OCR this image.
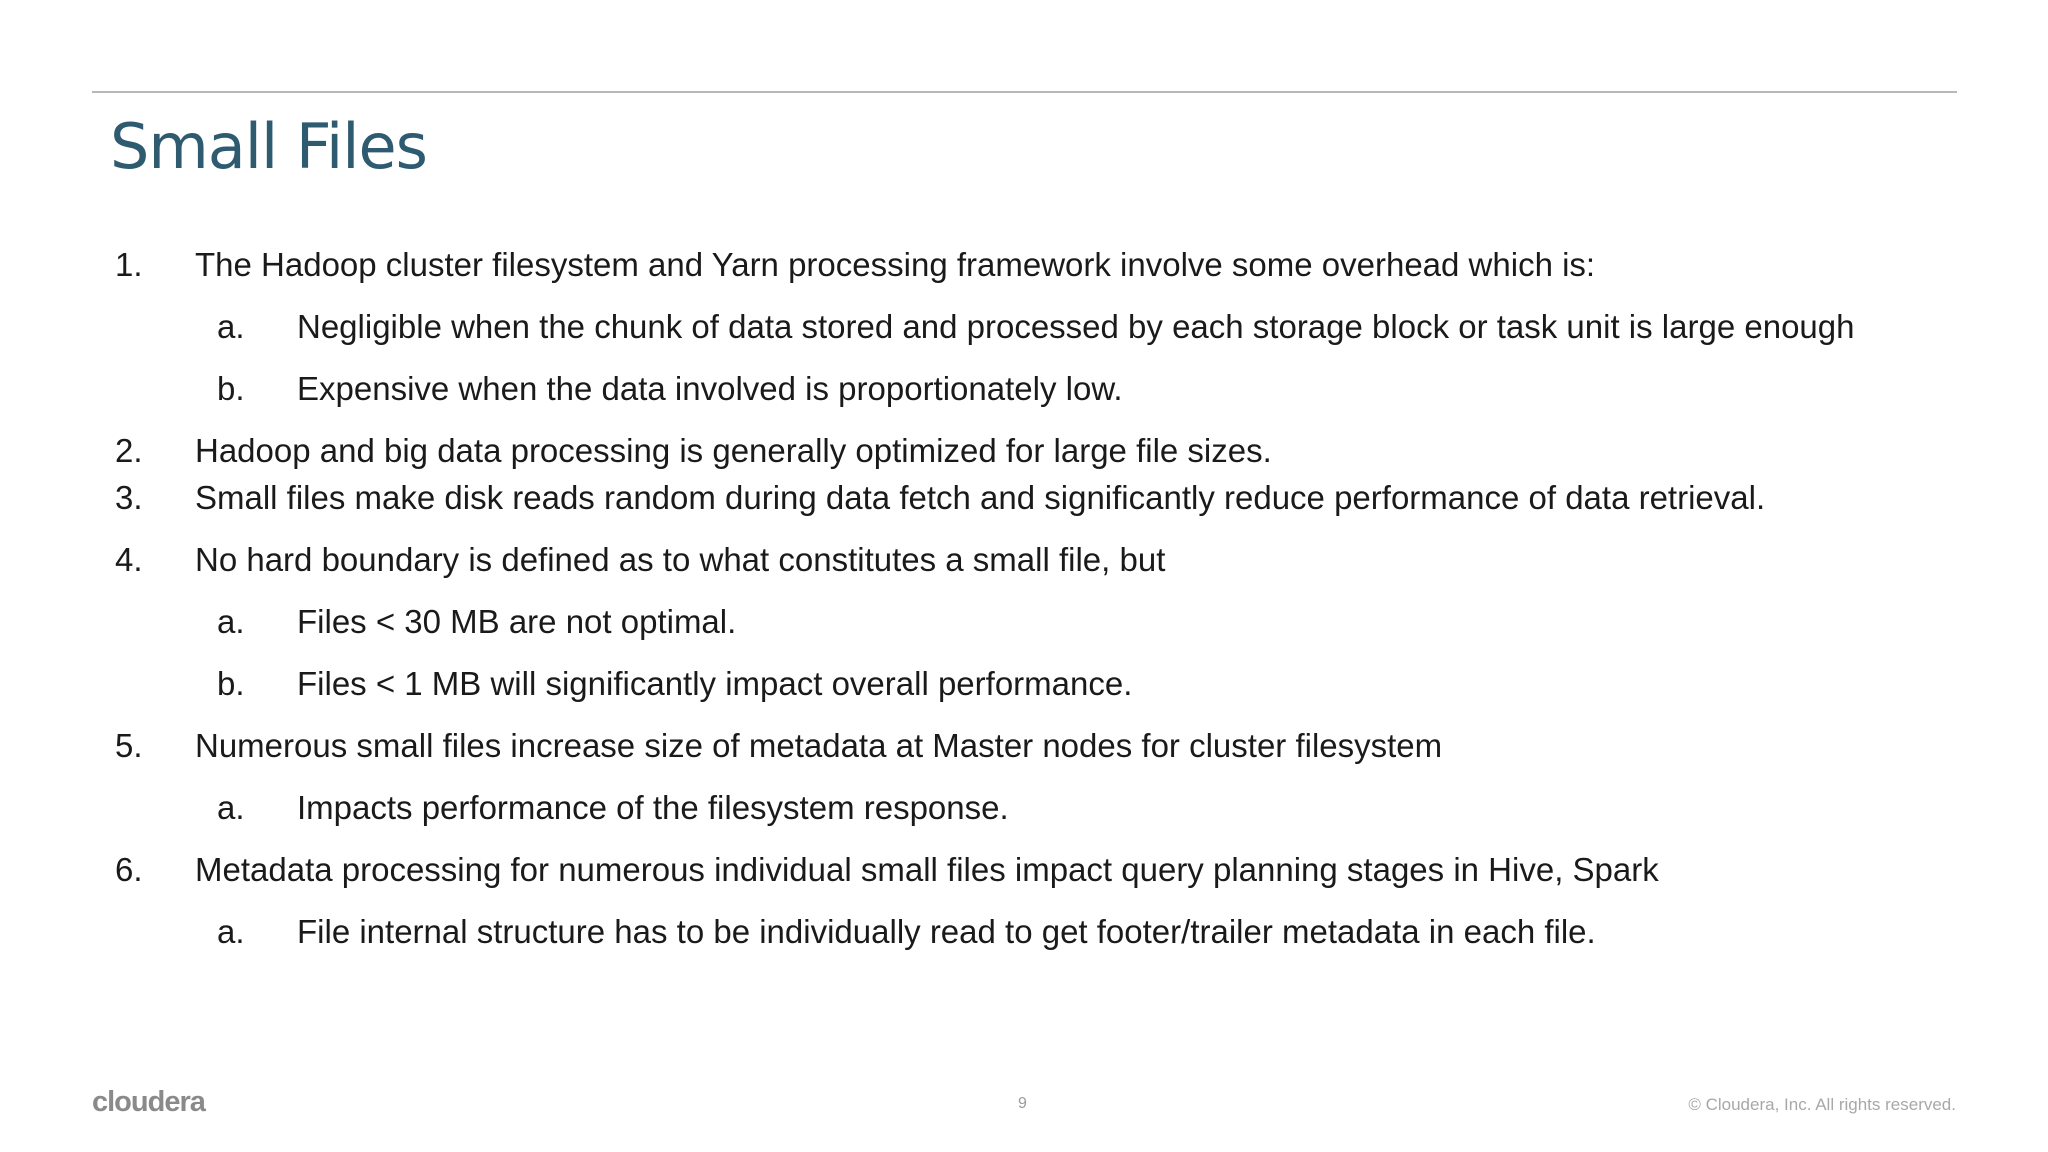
Small Files
1. The Hadoop cluster filesystem and Yarn processing framework involve some overhead which is:
a. Negligible when the chunk of data stored and processed by each storage block or task unit is large enough
b. Expensive when the data involved is proportionately low.
2. Hadoop and big data processing is generally optimized for large file sizes.
3. Small files make disk reads random during data fetch and significantly reduce performance of data retrieval.
4. No hard boundary is defined as to what constitutes a small file, but
a. Files < 30 MB are not optimal.
b. Files < 1 MB will significantly impact overall performance.
5. Numerous small files increase size of metadata at Master nodes for cluster filesystem
a. Impacts performance of the filesystem response.
6. Metadata processing for numerous individual small files impact query planning stages in Hive, Spark
a. File internal structure has to be individually read to get footer/trailer metadata in each file.
cloudera	9	© Cloudera, Inc. All rights reserved.
